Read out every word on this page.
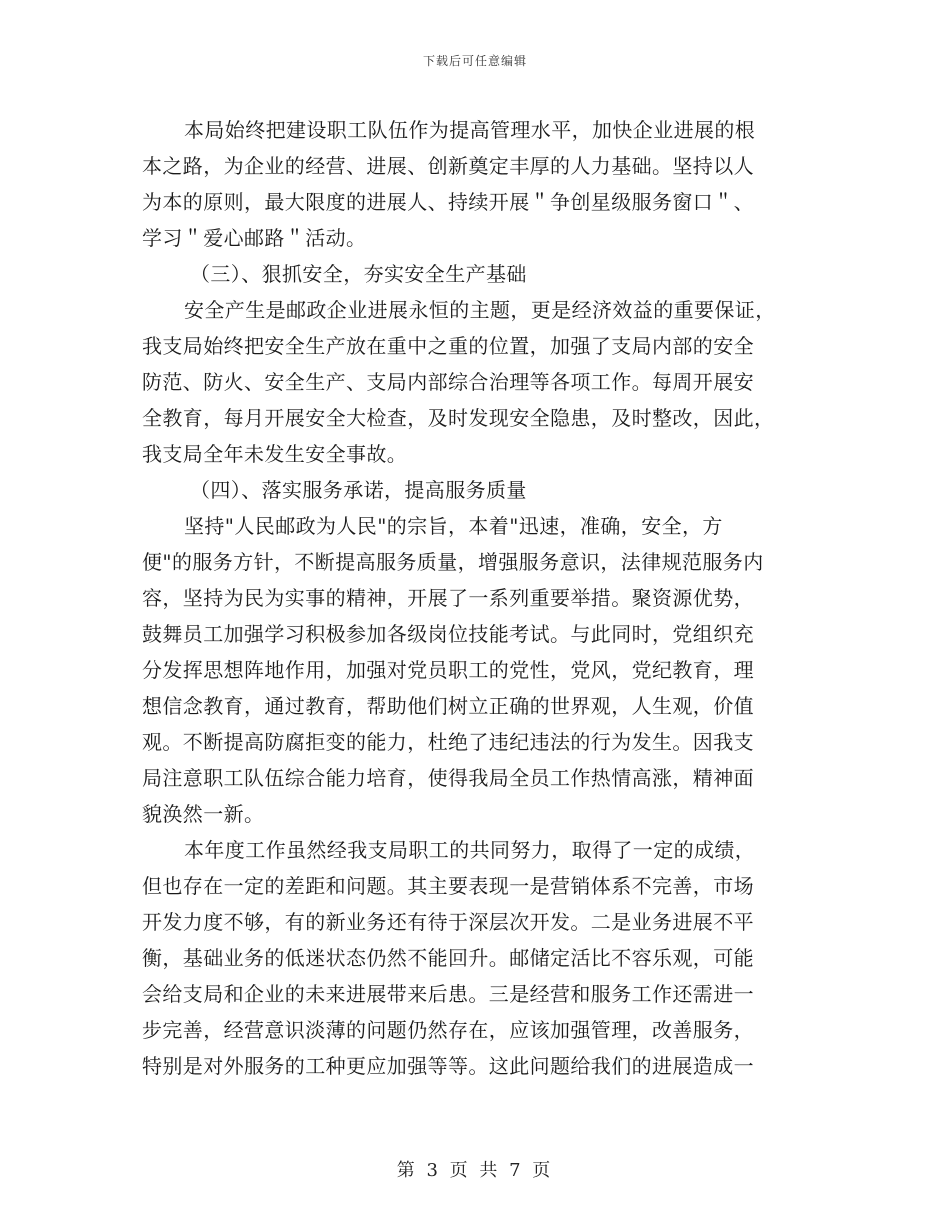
下载后可任意编辑
本局始终把建设职工队伍作为提高管理水平，加快企业进展的根
本之路，为企业的经营、进展、创新奠定丰厚的人力基础。坚持以人
为本的原则，最大限度的进展人、持续开展＂争创星级服务窗口＂、
学习＂爱心邮路＂活动。
（三）、狠抓安全，夯实安全生产基础
安全产生是邮政企业进展永恒的主题，更是经济效益的重要保证，
我支局始终把安全生产放在重中之重的位置，加强了支局内部的安全
防范、防火、安全生产、支局内部综合治理等各项工作。每周开展安
全教育，每月开展安全大检查，及时发现安全隐患，及时整改，因此，
我支局全年未发生安全事故。
（四）、落实服务承诺，提高服务质量
坚持"人民邮政为人民"的宗旨，本着"迅速，准确，安全，方
便"的服务方针，不断提高服务质量，增强服务意识，法律规范服务内
容，坚持为民为实事的精神，开展了一系列重要举措。聚资源优势，
鼓舞员工加强学习积极参加各级岗位技能考试。与此同时，党组织充
分发挥思想阵地作用，加强对党员职工的党性，党风，党纪教育，理
想信念教育，通过教育，帮助他们树立正确的世界观，人生观，价值
观。不断提高防腐拒变的能力，杜绝了违纪违法的行为发生。因我支
局注意职工队伍综合能力培育，使得我局全员工作热情高涨，精神面
貌涣然一新。
本年度工作虽然经我支局职工的共同努力，取得了一定的成绩，
但也存在一定的差距和问题。其主要表现一是营销体系不完善，市场
开发力度不够，有的新业务还有待于深层次开发。二是业务进展不平
衡，基础业务的低迷状态仍然不能回升。邮储定活比不容乐观，可能
会给支局和企业的未来进展带来后患。三是经营和服务工作还需进一
步完善，经营意识淡薄的问题仍然存在，应该加强管理，改善服务，
特别是对外服务的工种更应加强等等。这此问题给我们的进展造成一
第 3 页 共 7 页
